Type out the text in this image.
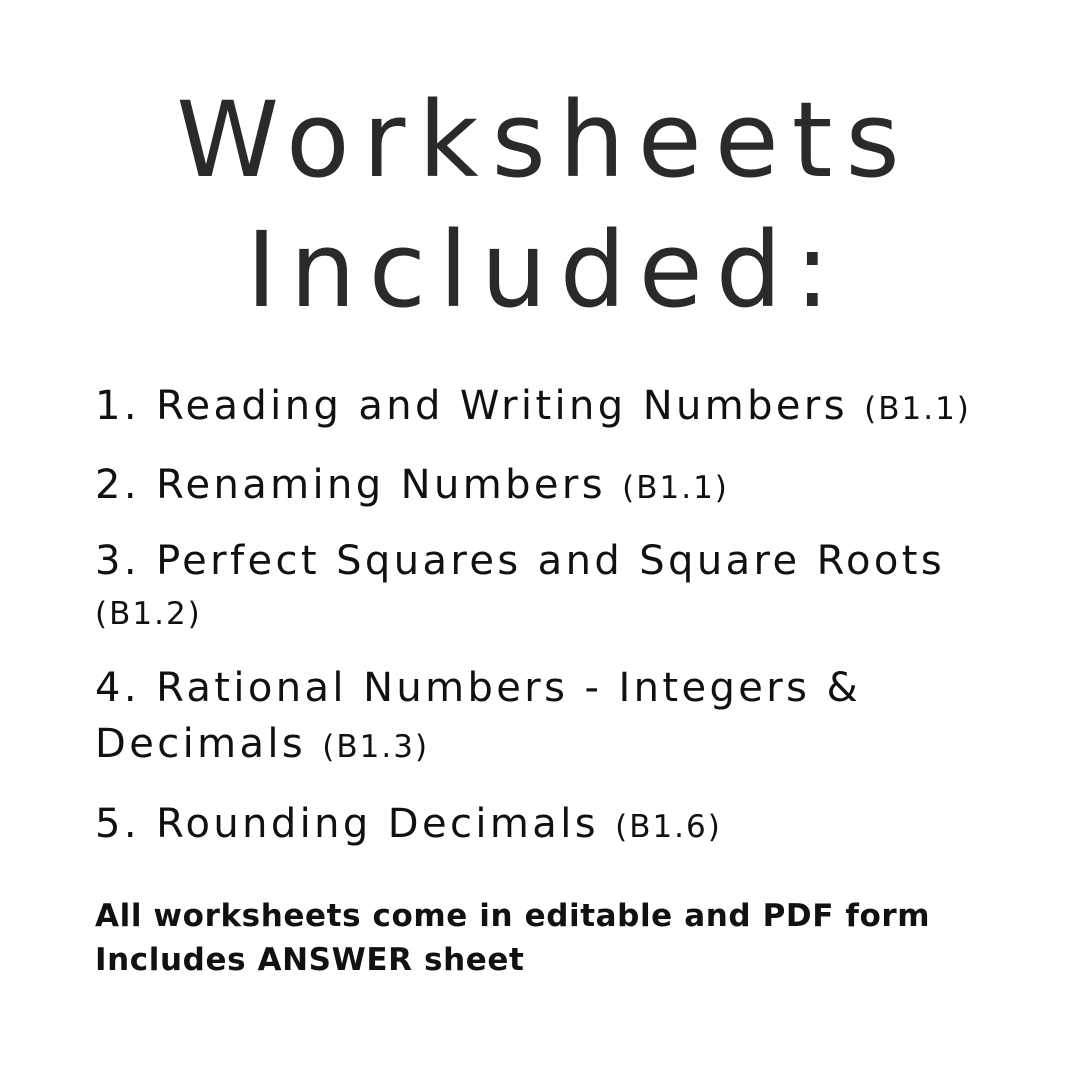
Worksheets
Included:
1. Reading and Writing Numbers (B1.1)
2. Renaming Numbers (B1.1)
3. Perfect Squares and Square Roots (B1.2)
4. Rational Numbers - Integers & Decimals (B1.3)
5. Rounding Decimals (B1.6)
All worksheets come in editable and PDF form
Includes ANSWER sheet
